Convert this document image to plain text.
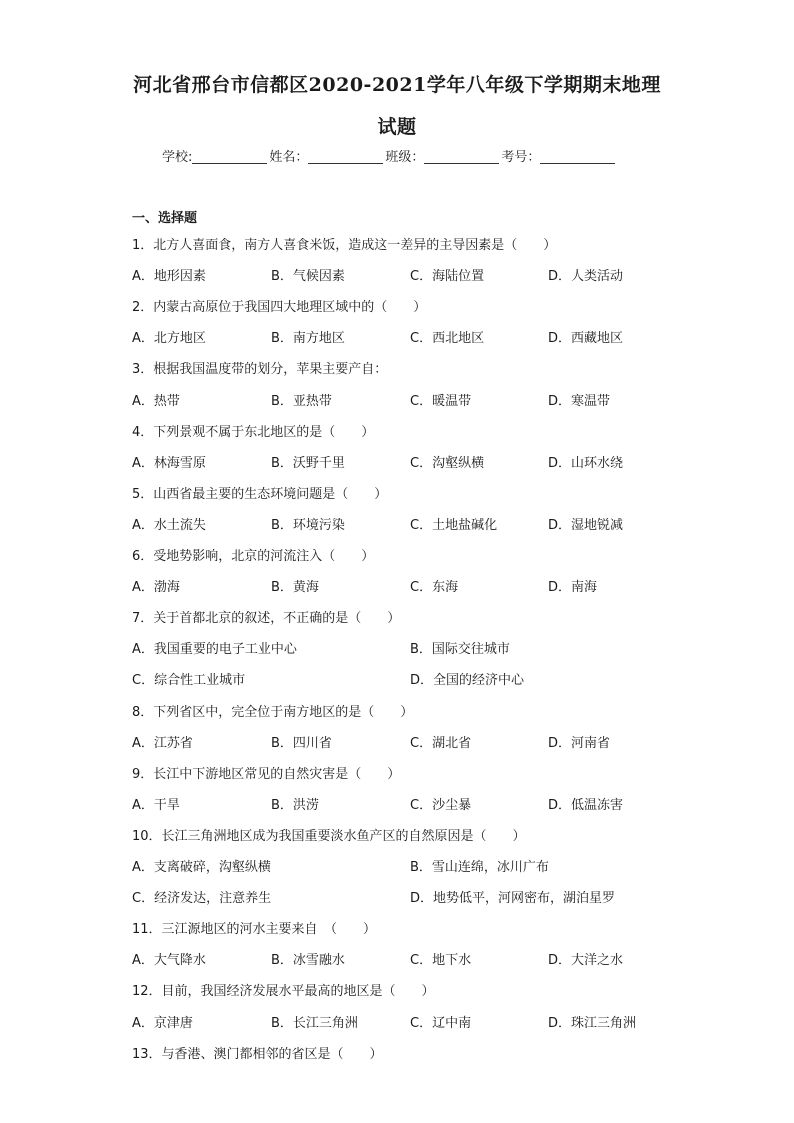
河北省邢台市信都区2020-2021学年八年级下学期期末地理
试题
学校:	姓名：	班级：	考号：
一、选择题
1．北方人喜面食，南方人喜食米饭，造成这一差异的主导因素是（　　）
A．地形因素	B．气候因素	C．海陆位置	D．人类活动
2．内蒙古高原位于我国四大地理区域中的（　　）
A．北方地区	B．南方地区	C．西北地区	D．西藏地区
3．根据我国温度带的划分，苹果主要产自：
A．热带	B．亚热带	C．暖温带	D．寒温带
4．下列景观不属于东北地区的是（　　）
A．林海雪原	B．沃野千里	C．沟壑纵横	D．山环水绕
5．山西省最主要的生态环境问题是（　　）
A．水土流失	B．环境污染	C．土地盐碱化	D．湿地锐减
6．受地势影响，北京的河流注入（　　）
A．渤海	B．黄海	C．东海	D．南海
7．关于首都北京的叙述，不正确的是（　　）
A．我国重要的电子工业中心	B．国际交往城市
C．综合性工业城市	D．全国的经济中心
8．下列省区中，完全位于南方地区的是（　　）
A．江苏省	B．四川省	C．湖北省	D．河南省
9．长江中下游地区常见的自然灾害是（　　）
A．干旱	B．洪涝	C．沙尘暴	D．低温冻害
10．长江三角洲地区成为我国重要淡水鱼产区的自然原因是（　　）
A．支离破碎，沟壑纵横	B．雪山连绵，冰川广布
C．经济发达，注意养生	D．地势低平，河网密布，湖泊星罗
11．三江源地区的河水主要来自　（　　）
A．大气降水	B．冰雪融水	C．地下水	D．大洋之水
12．目前，我国经济发展水平最高的地区是（　　）
A．京津唐	B．长江三角洲	C．辽中南	D．珠江三角洲
13．与香港、澳门都相邻的省区是（　　）
